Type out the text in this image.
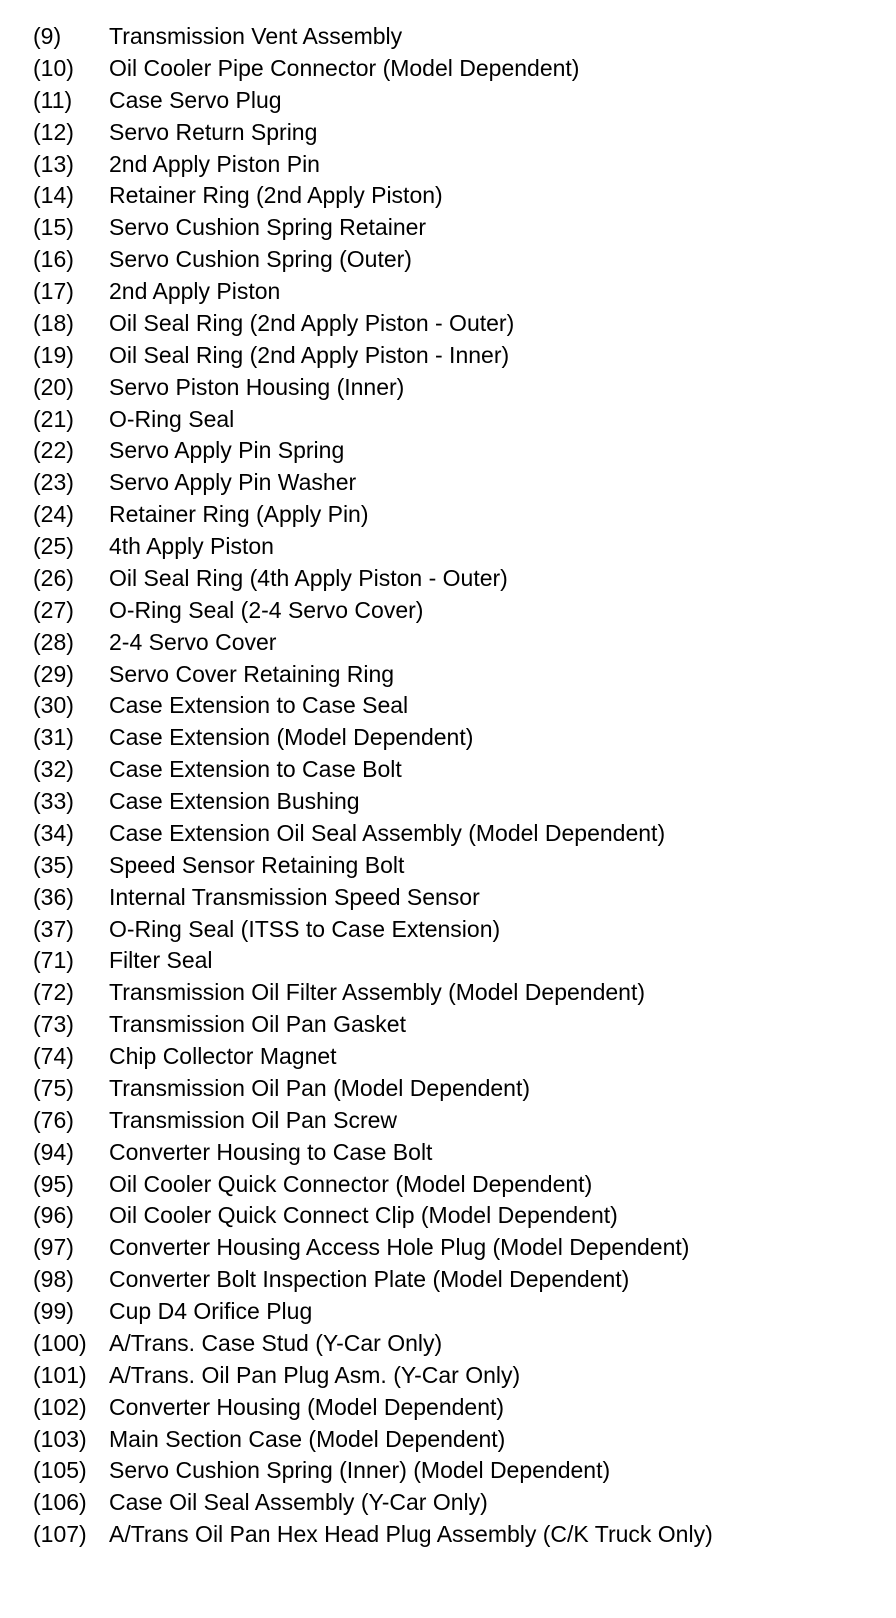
(9) Transmission Vent Assembly
(10) Oil Cooler Pipe Connector (Model Dependent)
(11) Case Servo Plug
(12) Servo Return Spring
(13) 2nd Apply Piston Pin
(14) Retainer Ring (2nd Apply Piston)
(15) Servo Cushion Spring Retainer
(16) Servo Cushion Spring (Outer)
(17) 2nd Apply Piston
(18) Oil Seal Ring (2nd Apply Piston - Outer)
(19) Oil Seal Ring (2nd Apply Piston - Inner)
(20) Servo Piston Housing (Inner)
(21) O-Ring Seal
(22) Servo Apply Pin Spring
(23) Servo Apply Pin Washer
(24) Retainer Ring (Apply Pin)
(25) 4th Apply Piston
(26) Oil Seal Ring (4th Apply Piston - Outer)
(27) O-Ring Seal (2-4 Servo Cover)
(28) 2-4 Servo Cover
(29) Servo Cover Retaining Ring
(30) Case Extension to Case Seal
(31) Case Extension (Model Dependent)
(32) Case Extension to Case Bolt
(33) Case Extension Bushing
(34) Case Extension Oil Seal Assembly (Model Dependent)
(35) Speed Sensor Retaining Bolt
(36) Internal Transmission Speed Sensor
(37) O-Ring Seal (ITSS to Case Extension)
(71) Filter Seal
(72) Transmission Oil Filter Assembly (Model Dependent)
(73) Transmission Oil Pan Gasket
(74) Chip Collector Magnet
(75) Transmission Oil Pan (Model Dependent)
(76) Transmission Oil Pan Screw
(94) Converter Housing to Case Bolt
(95) Oil Cooler Quick Connector (Model Dependent)
(96) Oil Cooler Quick Connect Clip (Model Dependent)
(97) Converter Housing Access Hole Plug (Model Dependent)
(98) Converter Bolt Inspection Plate (Model Dependent)
(99) Cup D4 Orifice Plug
(100) A/Trans. Case Stud (Y-Car Only)
(101) A/Trans. Oil Pan Plug Asm. (Y-Car Only)
(102) Converter Housing (Model Dependent)
(103) Main Section Case (Model Dependent)
(105) Servo Cushion Spring (Inner) (Model Dependent)
(106) Case Oil Seal Assembly (Y-Car Only)
(107) A/Trans Oil Pan Hex Head Plug Assembly (C/K Truck Only)
